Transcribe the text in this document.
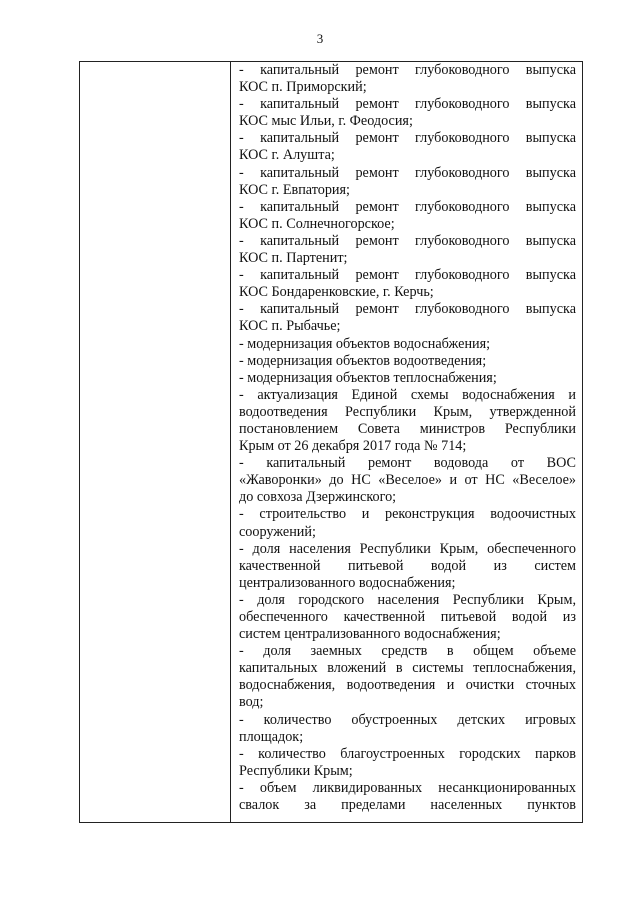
3
- капитальный ремонт глубоководного выпуска
КОС п. Приморский;
- капитальный ремонт глубоководного выпуска
КОС мыс Ильи, г. Феодосия;
- капитальный ремонт глубоководного выпуска
КОС г. Алушта;
- капитальный ремонт глубоководного выпуска
КОС г. Евпатория;
- капитальный ремонт глубоководного выпуска
КОС п. Солнечногорское;
- капитальный ремонт глубоководного выпуска
КОС п. Партенит;
- капитальный ремонт глубоководного выпуска
КОС Бондаренковские, г. Керчь;
- капитальный ремонт глубоководного выпуска
КОС п. Рыбачье;
- модернизация объектов водоснабжения;
- модернизация объектов водоотведения;
- модернизация объектов теплоснабжения;
- актуализация Единой схемы водоснабжения и
водоотведения Республики Крым, утвержденной
постановлением Совета министров Республики
Крым от 26 декабря 2017 года № 714;
- капитальный ремонт водовода от ВОС
«Жаворонки» до НС «Веселое» и от НС «Веселое»
до совхоза Дзержинского;
- строительство и реконструкция водоочистных
сооружений;
- доля населения Республики Крым, обеспеченного
качественной питьевой водой из систем
централизованного водоснабжения;
- доля городского населения Республики Крым,
обеспеченного качественной питьевой водой из
систем централизованного водоснабжения;
- доля заемных средств в общем объеме
капитальных вложений в системы теплоснабжения,
водоснабжения, водоотведения и очистки сточных
вод;
- количество обустроенных детских игровых
площадок;
- количество благоустроенных городских парков
Республики Крым;
- объем ликвидированных несанкционированных
свалок за пределами населенных пунктов
